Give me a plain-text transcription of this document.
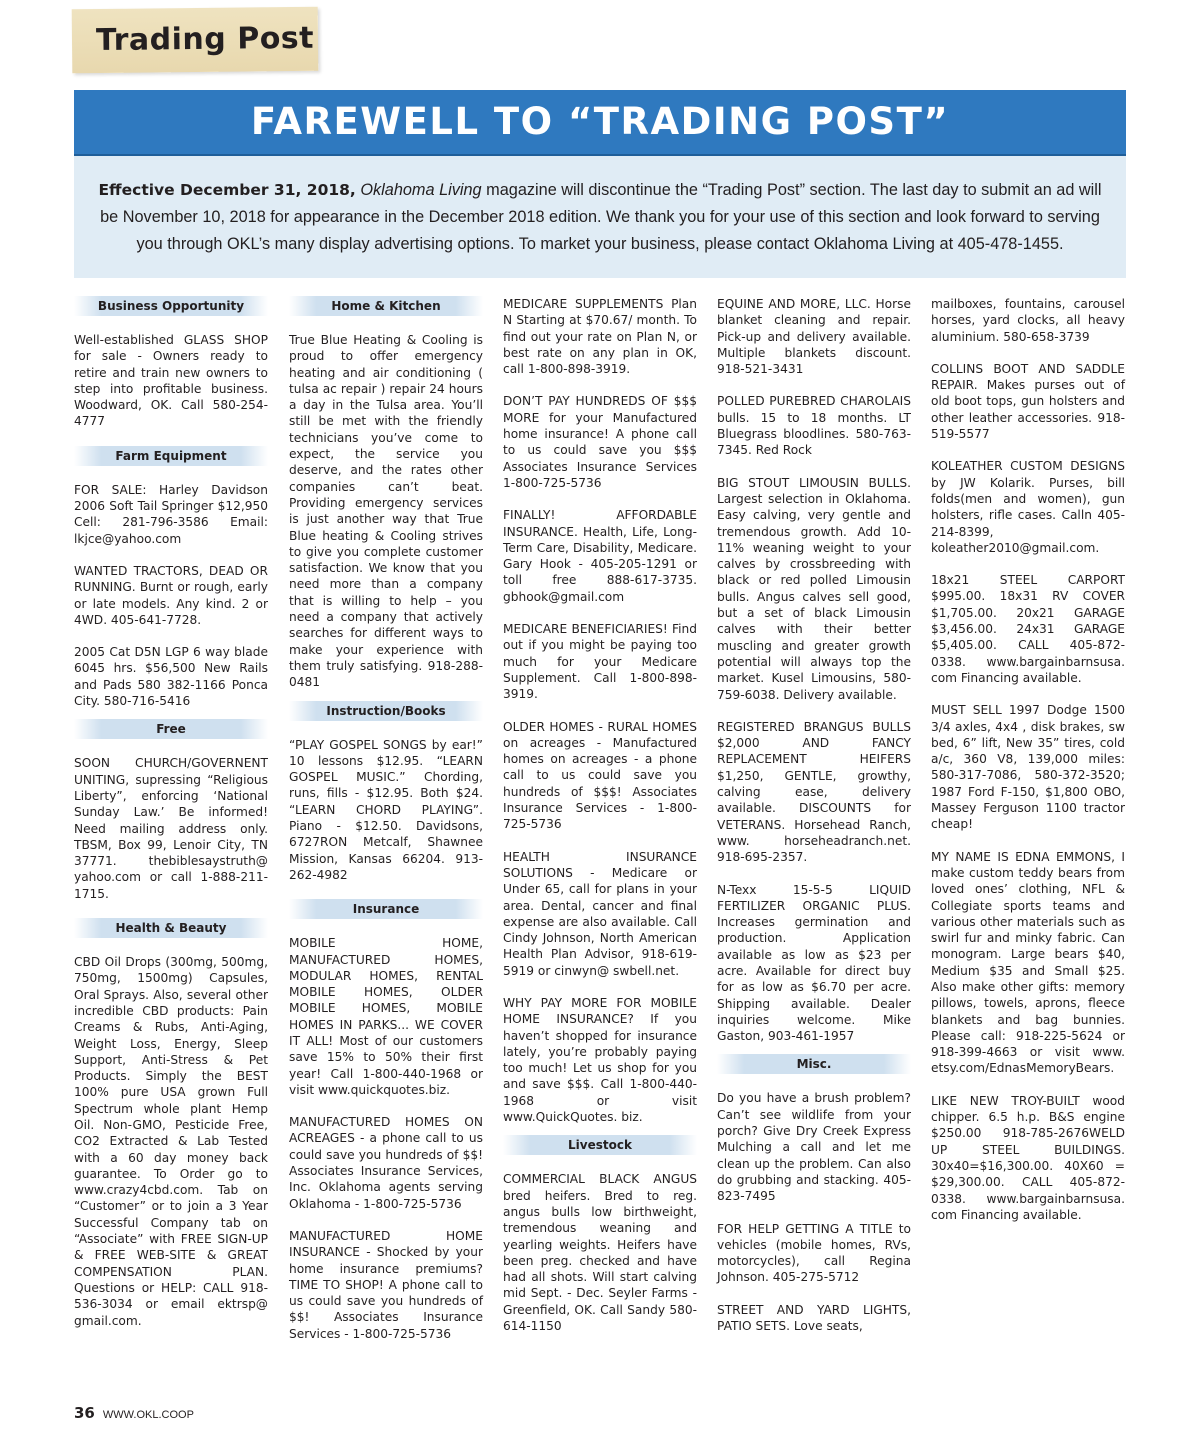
Trading Post
FAREWELL TO “TRADING POST”
Effective December 31, 2018, Oklahoma Living magazine will discontinue the “Trading Post” section. The last day to submit an ad will be November 10, 2018 for appearance in the December 2018 edition. We thank you for your use of this section and look forward to serving you through OKL’s many display advertising options. To market your business, please contact Oklahoma Living at 405-478-1455.
Business Opportunity
Well-established GLASS SHOP for sale - Owners ready to retire and train new owners to step into profitable business. Woodward, OK. Call 580-254-4777
Farm Equipment
FOR SALE: Harley Davidson 2006 Soft Tail Springer $12,950 Cell: 281-796-3586 Email: lkjce@yahoo.com
WANTED TRACTORS, DEAD OR RUNNING. Burnt or rough, early or late models. Any kind. 2 or 4WD. 405-641-7728.
2005 Cat D5N LGP 6 way blade 6045 hrs. $56,500 New Rails and Pads 580 382-1166 Ponca City. 580-716-5416
Free
SOON CHURCH/GOVERNENT UNITING, supressing “Religious Liberty”, enforcing ‘National Sunday Law.’ Be informed! Need mailing address only. TBSM, Box 99, Lenoir City, TN 37771. thebiblesaystruth@ yahoo.com or call 1-888-211-1715.
Health & Beauty
CBD Oil Drops (300mg, 500mg, 750mg, 1500mg) Capsules, Oral Sprays. Also, several other incredible CBD products: Pain Creams & Rubs, Anti-Aging, Weight Loss, Energy, Sleep Support, Anti-Stress & Pet Products. Simply the BEST 100% pure USA grown Full Spectrum whole plant Hemp Oil. Non-GMO, Pesticide Free, CO2 Extracted & Lab Tested with a 60 day money back guarantee. To Order go to www.crazy4cbd.com. Tab on “Customer” or to join a 3 Year Successful Company tab on “Associate” with FREE SIGN-UP & FREE WEB-SITE & GREAT COMPENSATION PLAN. Questions or HELP: CALL 918-536-3034 or email ektrsp@ gmail.com.
Home & Kitchen
True Blue Heating & Cooling is proud to offer emergency heating and air conditioning ( tulsa ac repair ) repair 24 hours a day in the Tulsa area. You’ll still be met with the friendly technicians you’ve come to expect, the service you deserve, and the rates other companies can’t beat. Providing emergency services is just another way that True Blue heating & Cooling strives to give you complete customer satisfaction. We know that you need more than a company that is willing to help – you need a company that actively searches for different ways to make your experience with them truly satisfying. 918-288-0481
Instruction/Books
“PLAY GOSPEL SONGS by ear!” 10 lessons $12.95. “LEARN GOSPEL MUSIC.” Chording, runs, fills - $12.95. Both $24. “LEARN CHORD PLAYING”. Piano - $12.50. Davidsons, 6727RON Metcalf, Shawnee Mission, Kansas 66204. 913-262-4982
Insurance
MOBILE HOME, MANUFACTURED HOMES, MODULAR HOMES, RENTAL MOBILE HOMES, OLDER MOBILE HOMES, MOBILE HOMES IN PARKS... WE COVER IT ALL! Most of our customers save 15% to 50% their first year! Call 1-800-440-1968 or visit www.quickquotes.biz.
MANUFACTURED HOMES ON ACREAGES - a phone call to us could save you hundreds of $$! Associates Insurance Services, Inc. Oklahoma agents serving Oklahoma - 1-800-725-5736
MANUFACTURED HOME INSURANCE - Shocked by your home insurance premiums? TIME TO SHOP! A phone call to us could save you hundreds of $$! Associates Insurance Services - 1-800-725-5736
MEDICARE SUPPLEMENTS Plan N Starting at $70.67/ month. To find out your rate on Plan N, or best rate on any plan in OK, call 1-800-898-3919.
DON’T PAY HUNDREDS OF $$$ MORE for your Manufactured home insurance! A phone call to us could save you $$$ Associates Insurance Services 1-800-725-5736
FINALLY! AFFORDABLE INSURANCE. Health, Life, Long-Term Care, Disability, Medicare. Gary Hook - 405-205-1291 or toll free 888-617-3735. gbhook@gmail.com
MEDICARE BENEFICIARIES! Find out if you might be paying too much for your Medicare Supplement. Call 1-800-898-3919.
OLDER HOMES - RURAL HOMES on acreages - Manufactured homes on acreages - a phone call to us could save you hundreds of $$$! Associates Insurance Services - 1-800-725-5736
HEALTH INSURANCE SOLUTIONS - Medicare or Under 65, call for plans in your area. Dental, cancer and final expense are also available. Call Cindy Johnson, North American Health Plan Advisor, 918-619-5919 or cinwyn@ swbell.net.
WHY PAY MORE FOR MOBILE HOME INSURANCE? If you haven’t shopped for insurance lately, you’re probably paying too much! Let us shop for you and save $$$. Call 1-800-440-1968 or visit www.QuickQuotes. biz.
Livestock
COMMERCIAL BLACK ANGUS bred heifers. Bred to reg. angus bulls low birthweight, tremendous weaning and yearling weights. Heifers have been preg. checked and have had all shots. Will start calving mid Sept. - Dec. Seyler Farms - Greenfield, OK. Call Sandy 580-614-1150
EQUINE AND MORE, LLC. Horse blanket cleaning and repair. Pick-up and delivery available. Multiple blankets discount. 918-521-3431
POLLED PUREBRED CHAROLAIS bulls. 15 to 18 months. LT Bluegrass bloodlines. 580-763-7345. Red Rock
BIG STOUT LIMOUSIN BULLS. Largest selection in Oklahoma. Easy calving, very gentle and tremendous growth. Add 10-11% weaning weight to your calves by crossbreeding with black or red polled Limousin bulls. Angus calves sell good, but a set of black Limousin calves with their better muscling and greater growth potential will always top the market. Kusel Limousins, 580-759-6038. Delivery available.
REGISTERED BRANGUS BULLS $2,000 AND FANCY REPLACEMENT HEIFERS $1,250, GENTLE, growthy, calving ease, delivery available. DISCOUNTS for VETERANS. Horsehead Ranch, www. horseheadranch.net. 918-695-2357.
N-Texx 15-5-5 LIQUID FERTILIZER ORGANIC PLUS. Increases germination and production. Application available as low as $23 per acre. Available for direct buy for as low as $6.70 per acre. Shipping available. Dealer inquiries welcome. Mike Gaston, 903-461-1957
Misc.
Do you have a brush problem? Can’t see wildlife from your porch? Give Dry Creek Express Mulching a call and let me clean up the problem. Can also do grubbing and stacking. 405-823-7495
FOR HELP GETTING A TITLE to vehicles (mobile homes, RVs, motorcycles), call Regina Johnson. 405-275-5712
STREET AND YARD LIGHTS, PATIO SETS. Love seats,
mailboxes, fountains, carousel horses, yard clocks, all heavy aluminium. 580-658-3739
COLLINS BOOT AND SADDLE REPAIR. Makes purses out of old boot tops, gun holsters and other leather accessories. 918-519-5577
KOLEATHER CUSTOM DESIGNS by JW Kolarik. Purses, bill folds(men and women), gun holsters, rifle cases. Calln 405-214-8399, koleather2010@gmail.com.
18x21 STEEL CARPORT $995.00. 18x31 RV COVER $1,705.00. 20x21 GARAGE $3,456.00. 24x31 GARAGE $5,405.00. CALL 405-872-0338. www.bargainbarnsusa. com Financing available.
MUST SELL 1997 Dodge 1500 3/4 axles, 4x4 , disk brakes, sw bed, 6” lift, New 35” tires, cold a/c, 360 V8, 139,000 miles: 580-317-7086, 580-372-3520; 1987 Ford F-150, $1,800 OBO, Massey Ferguson 1100 tractor cheap!
MY NAME IS EDNA EMMONS, I make custom teddy bears from loved ones’ clothing, NFL & Collegiate sports teams and various other materials such as swirl fur and minky fabric. Can monogram. Large bears $40, Medium $35 and Small $25. Also make other gifts: memory pillows, towels, aprons, fleece blankets and bag bunnies. Please call: 918-225-5624 or 918-399-4663 or visit www. etsy.com/EdnasMemoryBears.
LIKE NEW TROY-BUILT wood chipper. 6.5 h.p. B&S engine $250.00 918-785-2676WELD UP STEEL BUILDINGS. 30x40=$16,300.00. 40X60 = $29,300.00. CALL 405-872-0338. www.bargainbarnsusa. com Financing available.
36 WWW.OKL.COOP
